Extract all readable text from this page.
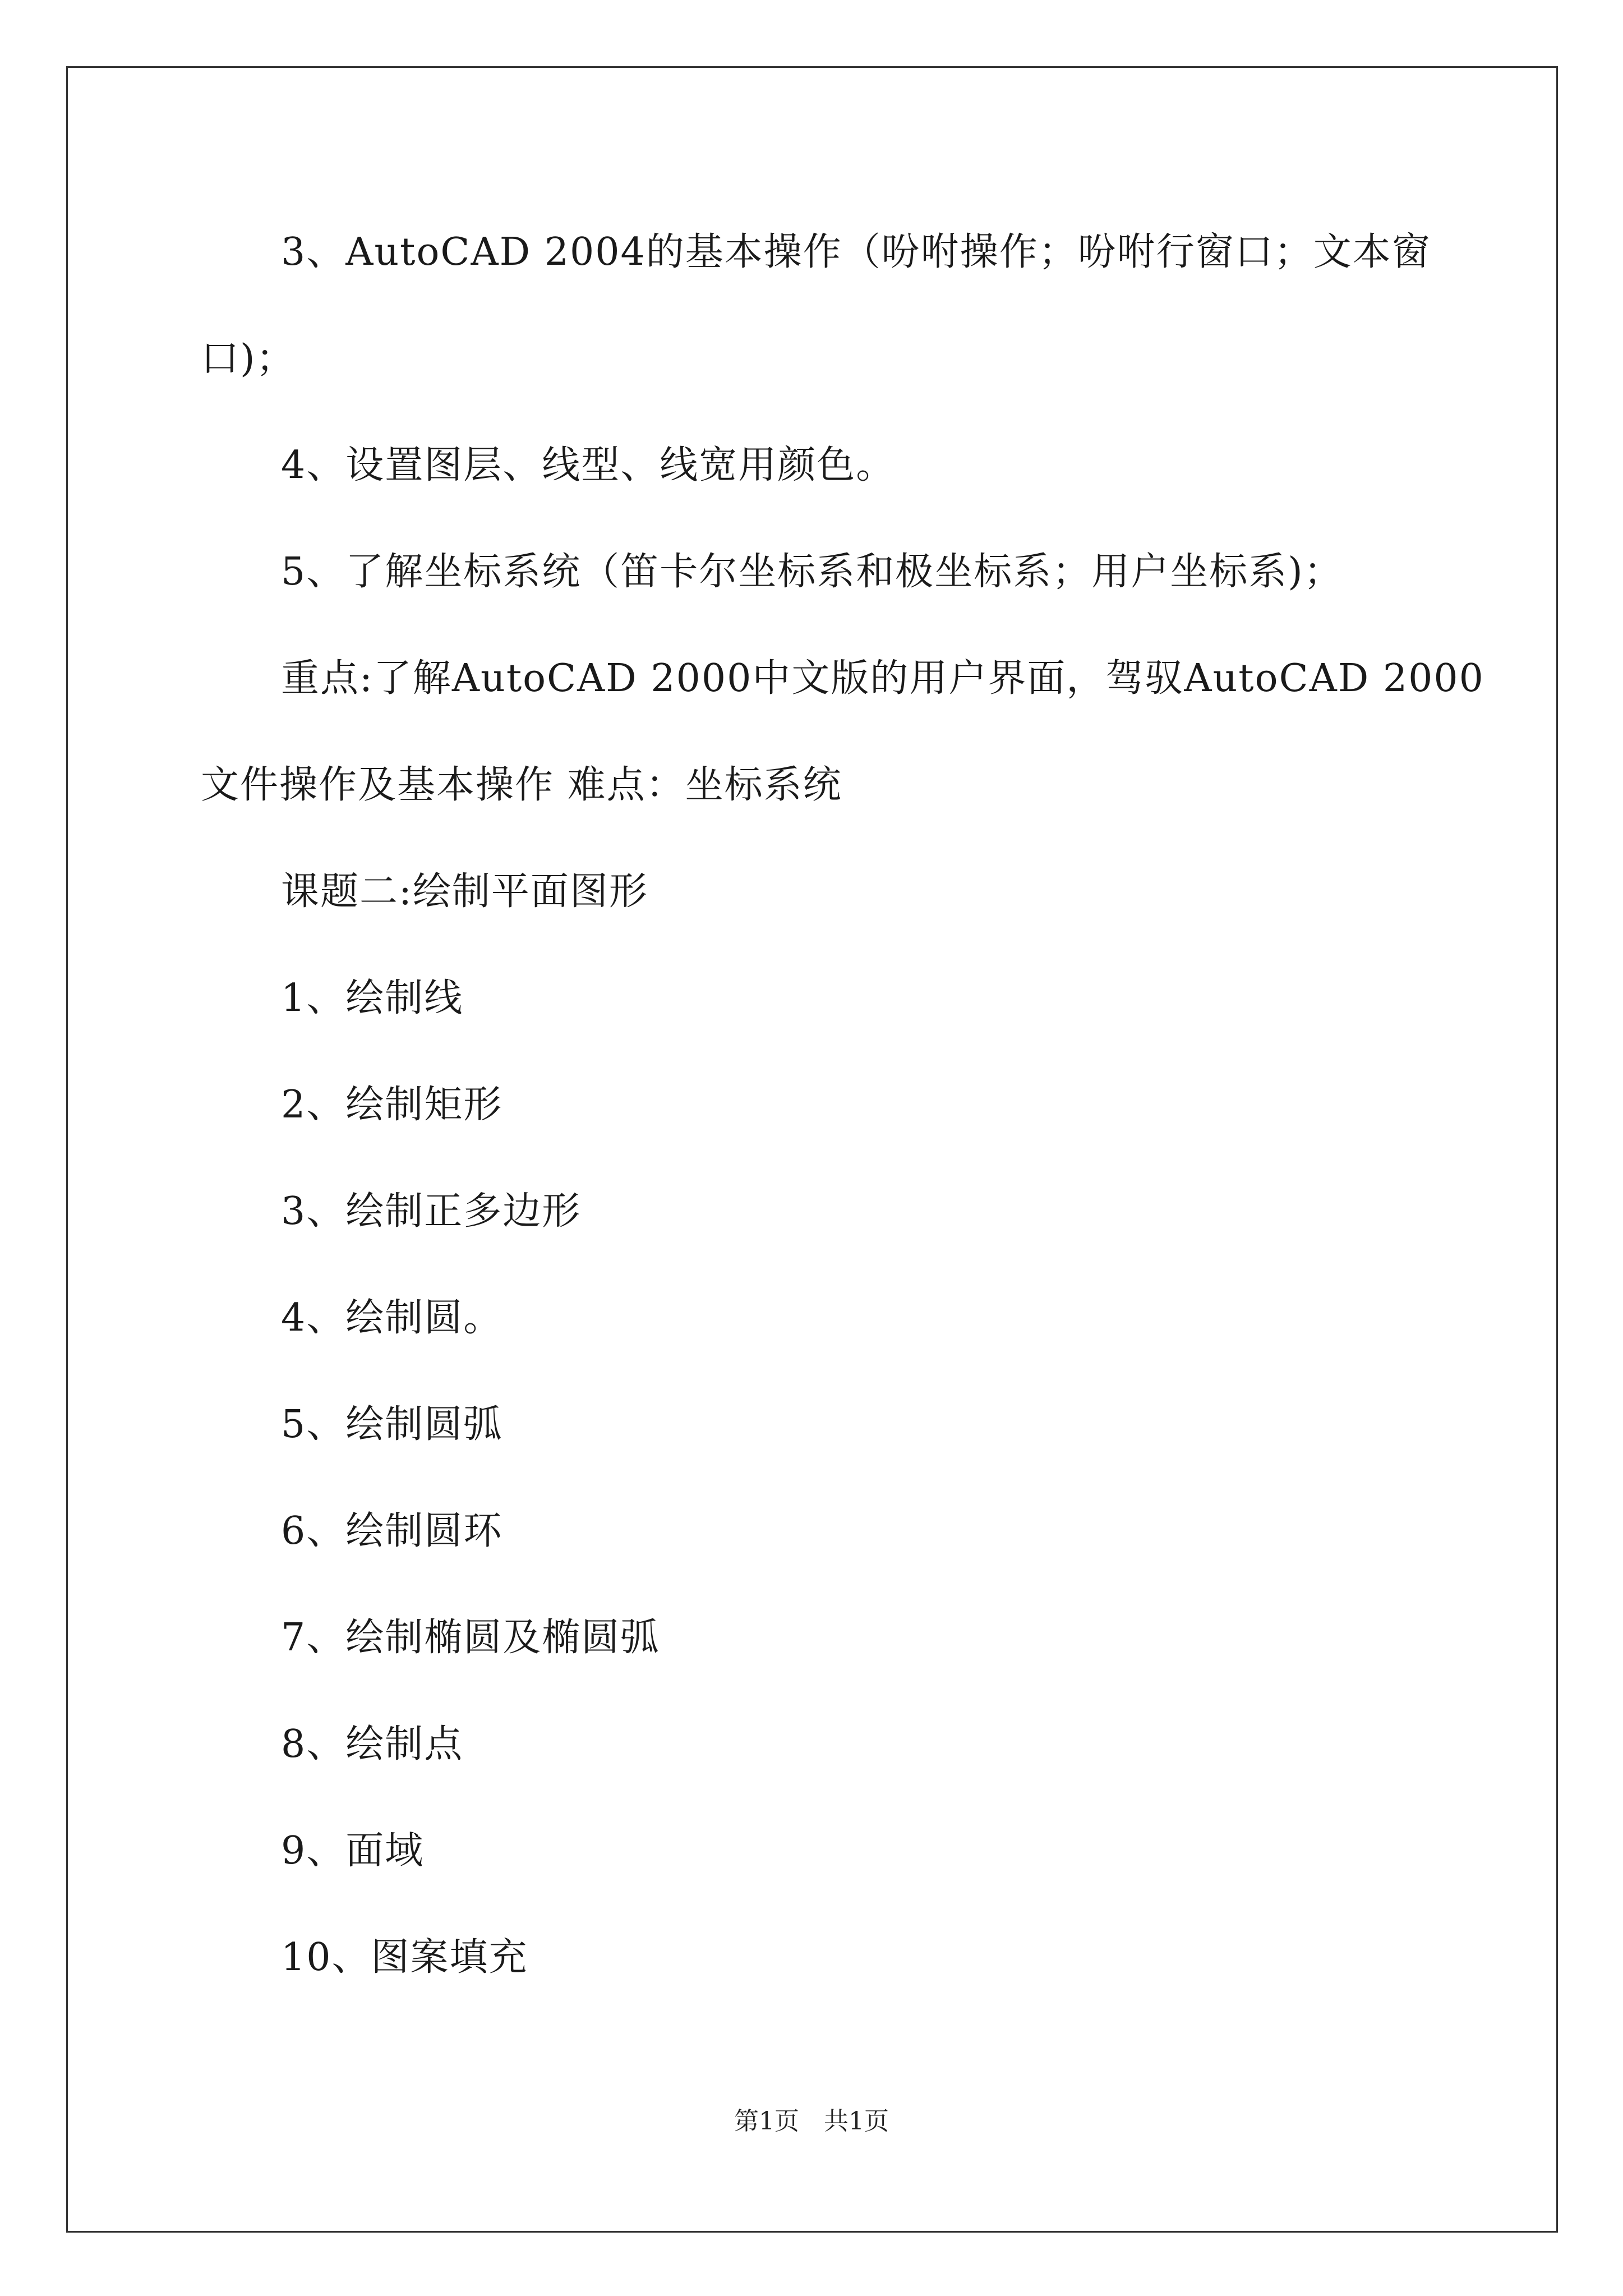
3、AutoCAD 2004的基本操作（吩咐操作；吩咐行窗口；文本窗
口)；
4、设置图层、线型、线宽用颜色。
5、了解坐标系统（笛卡尔坐标系和极坐标系；用户坐标系)；
重点:了解AutoCAD 2000中文版的用户界面，驾驭AutoCAD 2000
文件操作及基本操作 难点：坐标系统
课题二:绘制平面图形
1、绘制线
2、绘制矩形
3、绘制正多边形
4、绘制圆。
5、绘制圆弧
6、绘制圆环
7、绘制椭圆及椭圆弧
8、绘制点
9、面域
10、图案填充
第1页　共1页
